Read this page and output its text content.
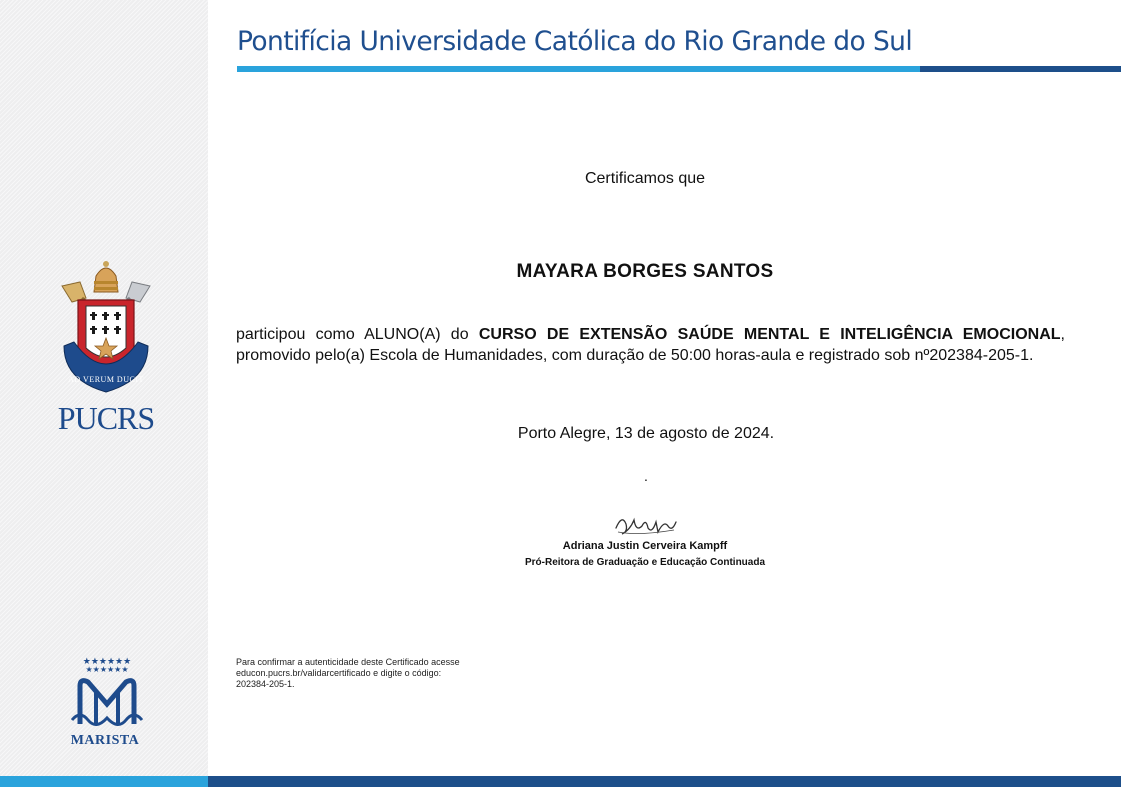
AD VERUM DUCIT
PUCRS
★★★★★★
★★★★★★
MARISTA
Pontifícia Universidade Católica do Rio Grande do Sul
Certificamos que
MAYARA BORGES SANTOS

participou como ALUNO(A) do CURSO DE EXTENSÃO SAÚDE MENTAL E INTELIGÊNCIA EMOCIONAL, promovido pelo(a) Escola de Humanidades, com duração de 50:00 horas-aula e registrado sob nº202384-205-1.

Porto Alegre, 13 de agosto de 2024.
.
Adriana Justin Cerveira Kampff
Pró-Reitora de Graduação e Educação Continuada
Para confirmar a autenticidade deste Certificado acesse
educon.pucrs.br/validarcertificado e digite o código:
202384-205-1.
